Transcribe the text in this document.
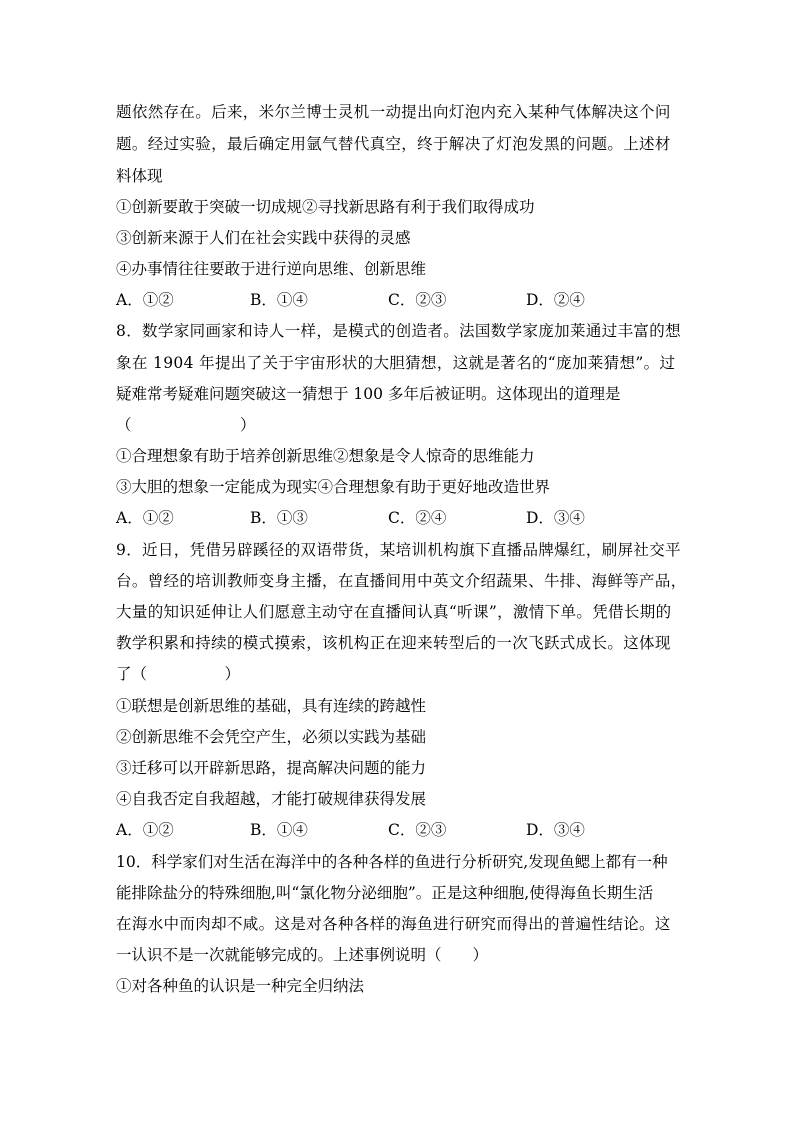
题依然存在。后来，米尔兰博士灵机一动提出向灯泡内充入某种气体解决这个问
题。经过实验，最后确定用氩气替代真空，终于解决了灯泡发黑的问题。上述材
料体现
①创新要敢于突破一切成规②寻找新思路有利于我们取得成功
③创新来源于人们在社会实践中获得的灵感
④办事情往往要敢于进行逆向思维、创新思维
A．①②	B．①④	C．②③	D．②④
8．数学家同画家和诗人一样，是模式的创造者。法国数学家庞加莱通过丰富的想
象在 1904 年提出了关于宇宙形状的大胆猜想，这就是著名的“庞加莱猜想”。过
疑难常考疑难问题突破这一猜想于 100 多年后被证明。这体现出的道理是
（　　　　　　　）
①合理想象有助于培养创新思维②想象是令人惊奇的思维能力
③大胆的想象一定能成为现实④合理想象有助于更好地改造世界
A．①②	B．①③	C．②④	D．③④
9．近日，凭借另辟蹊径的双语带货，某培训机构旗下直播品牌爆红，刷屏社交平
台。曾经的培训教师变身主播，在直播间用中英文介绍蔬果、牛排、海鲜等产品，
大量的知识延伸让人们愿意主动守在直播间认真“听课”，激情下单。凭借长期的
教学积累和持续的模式摸索，该机构正在迎来转型后的一次飞跃式成长。这体现
了（　　　　　）
①联想是创新思维的基础，具有连续的跨越性
②创新思维不会凭空产生，必须以实践为基础
③迁移可以开辟新思路，提高解决问题的能力
④自我否定自我超越，才能打破规律获得发展
A．①②	B．①④	C．②③	D．③④
10．科学家们对生活在海洋中的各种各样的鱼进行分析研究,发现鱼鳃上都有一种
能排除盐分的特殊细胞,叫“氯化物分泌细胞”。正是这种细胞,使得海鱼长期生活
在海水中而肉却不咸。这是对各种各样的海鱼进行研究而得出的普遍性结论。这
一认识不是一次就能够完成的。上述事例说明（　　）
①对各种鱼的认识是一种完全归纳法
